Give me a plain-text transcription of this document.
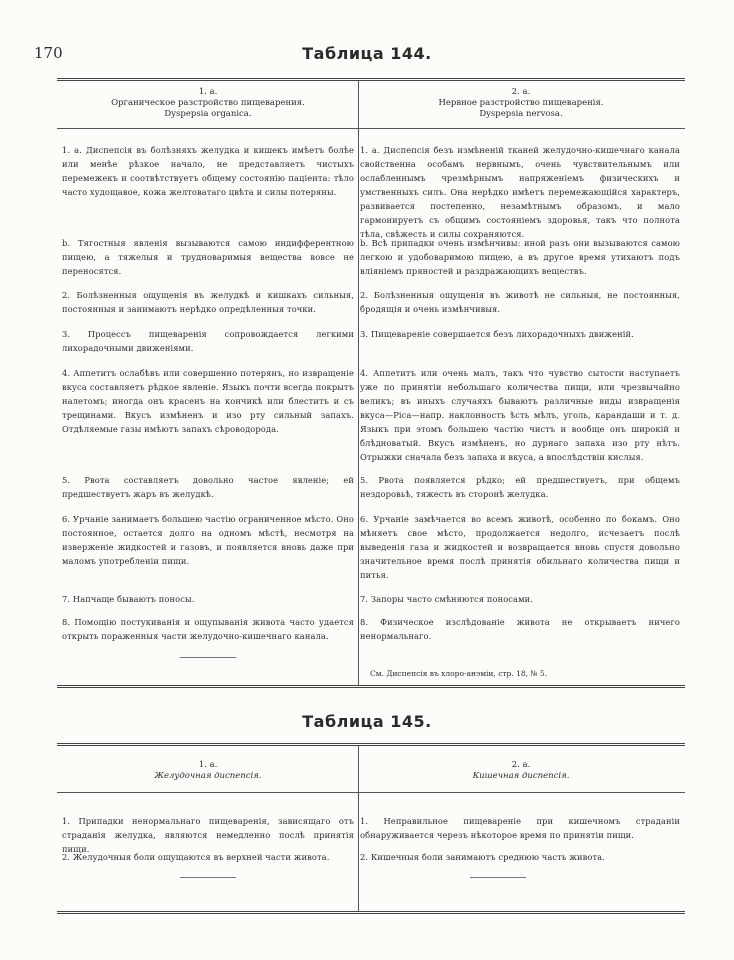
170	Таблица 144.
1. a.
Органическое разстройство пищеварения.
Dyspepsia organica.
2. a.
Нервное разстройство пищеваренія.
Dyspepsia nervosa.
1. a. Диспепсія въ болѣзняхъ желудка и кишекъ имѣетъ болѣе или менѣе рѣзкое начало, не представляетъ чистыхъ перемежекъ и соотвѣтствуетъ общему состоянію паціента: тѣло часто худощавое, кожа желтоватаго цвѣта и силы потеряны.
b. Тягостныя явленія вызываются самою индифферентною пищею, а тяжелыя и трудноваримыя вещества вовсе не переносятся.
2. Болѣзненныя ощущенія въ желудкѣ и кишкахъ сильныя, постоянныя и занимаютъ нерѣдко опредѣленныя точки.
3. Процессъ пищеваренія сопровождается легкими лихорадочными движеніями.
4. Аппетитъ ослабѣвъ или совершенно потерянъ, но извращеніе вкуса составляетъ рѣдкое явленіе. Языкъ почти всегда покрытъ налетомъ; иногда онъ красенъ на кончикѣ или блеститъ и съ трещинами. Вкусъ измѣненъ и изо рту сильный запахъ. Отдѣляемые газы имѣютъ запахъ сѣроводорода.
5. Рвота составляетъ довольно частое явленіе; ей предшествуетъ жаръ въ желудкѣ.
6. Урчаніе занимаетъ большею частію ограниченное мѣсто. Оно постоянное, остается долго на одномъ мѣстѣ, несмотря на изверженіе жидкостей и газовъ, и появляется вновь даже при маломъ употребленіи пищи.
7. Напчаще бываютъ поносы.
8. Помощію постукиванія и ощупыванія живота часто удается открыть пораженныя части желудочно-кишечнаго канала.
1. a. Диспепсія безъ измѣненій тканей желудочно-кишечнаго канала свойственна особамъ нервнымъ, очень чувствительнымъ или ослабленнымъ чрезмѣрнымъ напряженіемъ физическихъ и умственныхъ силъ. Она нерѣдко имѣетъ перемежающійся характеръ, развивается постепенно, незамѣтнымъ образомъ, и мало гармонируетъ съ общимъ состояніемъ здоровья, такъ что полнота тѣла, свѣжесть и силы сохраняются.
b. Всѣ припадки очень измѣнчивы: иной разъ они вызываются самою легкою и удобоваримою пищею, а въ другое время утихаютъ подъ вліяніемъ пряностей и раздражающихъ веществъ.
2. Болѣзненныя ощущенія въ животѣ не сильныя, не постоянныя, бродящія и очень измѣнчивыя.
3. Пищевареніе совершается безъ лихорадочныхъ движеній.
4. Аппетитъ или очень малъ, такъ что чувство сытости наступаетъ уже по принятіи небольшаго количества пищи, или чрезвычайно великъ; въ иныхъ случаяхъ бываютъ различные виды извращенія вкуса—Pica—напр. наклонность ѣсть мѣлъ, уголь, карандаши и т. д. Языкъ при этомъ большею частію чистъ и вообще онъ широкій и блѣдноватый. Вкусъ измѣненъ, но дурнаго запаха изо рту нѣтъ. Отрыжки сначала безъ запаха и вкуса, а впослѣдствіи кислыя.
5. Рвота появляется рѣдко; ей предшествуетъ, при общемъ нездоровьѣ, тяжесть въ сторонѣ желудка.
6. Урчаніе замѣчается во всемъ животѣ, особенно по бокамъ. Оно мѣняетъ свое мѣсто, продолжается недолго, исчезаетъ послѣ выведенія газа и жидкостей и возвращается вновь спустя довольно значительное время послѣ принятія обильнаго количества пищи и питья.
7. Запоры часто смѣняются поносами.
8. Физическое изслѣдованіе живота не открываетъ ничего ненормальнаго.
См. Диспепсія въ хлоро-анэміи, стр. 18, № 5.
Таблица 145.
1. a.
Желудочная диспепсія.
2. a.
Кишечная диспепсія.
1. Припадки ненормальнаго пищеваренія, зависящаго отъ страданія желудка, являются немедленно послѣ принятія пищи.
2. Желудочныя боли ощущаются въ верхней части живота.
1. Неправильное пищевареніе при кишечномъ страданіи обнаруживается черезъ нѣкоторое время по принятіи пищи.
2. Кишечныя боли занимаютъ среднюю часть живота.
